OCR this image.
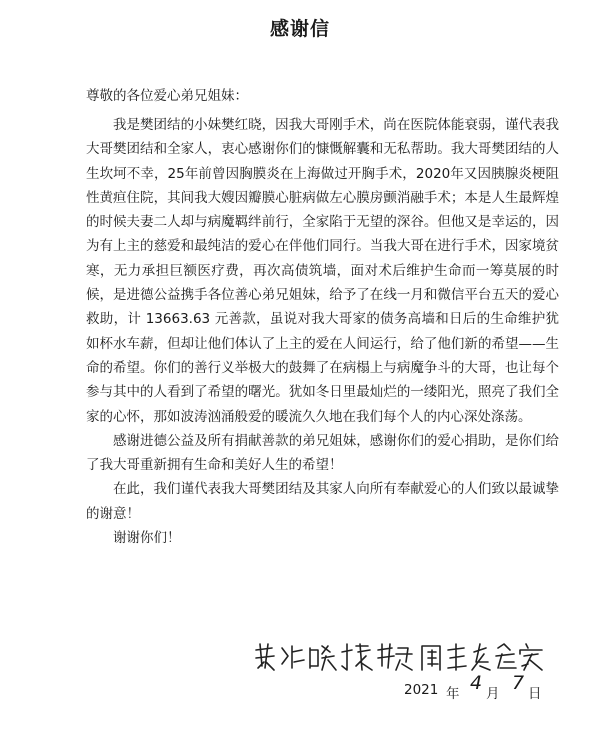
感谢信
尊敬的各位爱心弟兄姐妹：

我是樊团结的小妹樊红晓，因我大哥刚手术，尚在医院体能衰弱，谨代表我大哥樊团结和全家人，衷心感谢你们的慷慨解囊和无私帮助。我大哥樊团结的人生坎坷不幸，25年前曾因胸膜炎在上海做过开胸手术，2020年又因胰腺炎梗阻性黄疸住院，其间我大嫂因瓣膜心脏病做左心膜房颤消融手术；本是人生最辉煌的时候夫妻二人却与病魔羁绊前行，全家陷于无望的深谷。但他又是幸运的，因为有上主的慈爱和最纯洁的爱心在伴他们同行。当我大哥在进行手术，因家境贫寒，无力承担巨额医疗费，再次高债筑墙，面对术后维护生命而一筹莫展的时候，是进德公益携手各位善心弟兄姐妹，给予了在线一月和微信平台五天的爱心救助，计 13663.63 元善款，虽说对我大哥家的债务高墙和日后的生命维护犹如杯水车薪，但却让他们体认了上主的爱在人间运行，给了他们新的希望——生命的希望。你们的善行义举极大的鼓舞了在病榻上与病魔争斗的大哥，也让每个参与其中的人看到了希望的曙光。犹如冬日里最灿烂的一缕阳光，照亮了我们全家的心怀，那如波涛汹涌般爱的暖流久久地在我们每个人的内心深处涤荡。

感谢进德公益及所有捐献善款的弟兄姐妹，感谢你们的爱心捐助，是你们给了我大哥重新拥有生命和美好人生的希望！

在此，我们谨代表我大哥樊团结及其家人向所有奉献爱心的人们致以最诚挚的谢意！

谢谢你们！

2021 年 4 月 7 日
